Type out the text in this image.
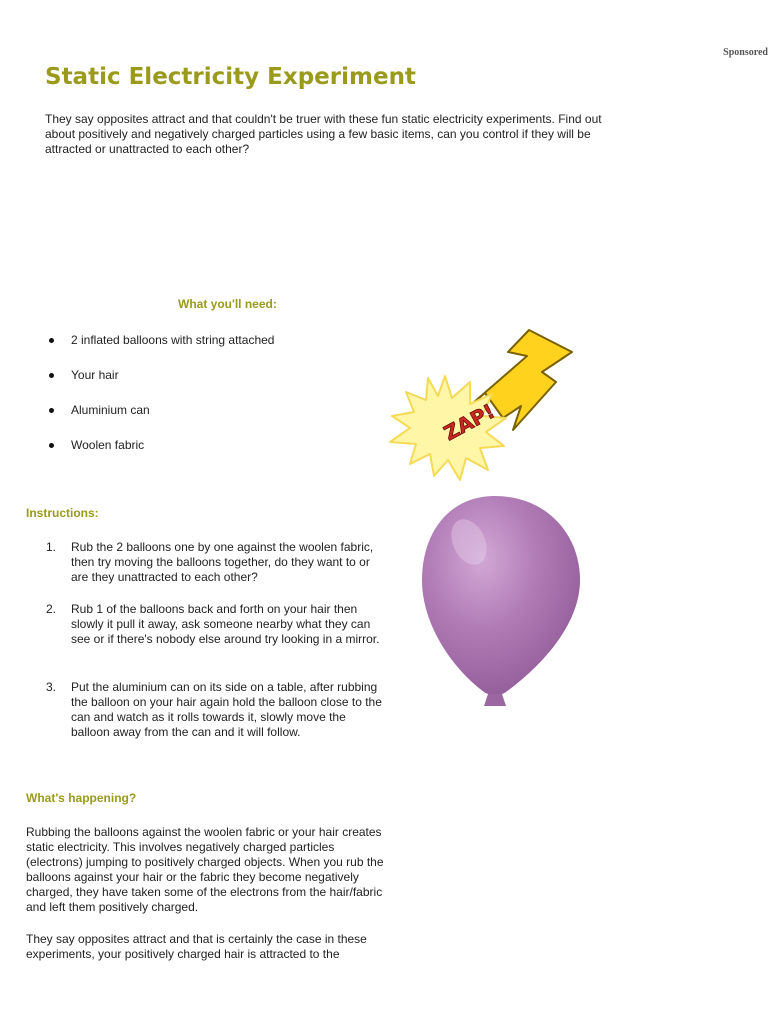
Sponsored
Static Electricity Experiment

They say opposites attract and that couldn't be truer with these fun static electricity experiments. Find out about positively and negatively charged particles using a few basic items, can you control if they will be attracted or unattracted to each other?

What you'll need:
2 inflated balloons with string attached
Your hair
Aluminium can
Woolen fabric
Instructions:
1. Rub the 2 balloons one by one against the woolen fabric, then try moving the balloons together, do they want to or are they unattracted to each other?
2. Rub 1 of the balloons back and forth on your hair then slowly it pull it away, ask someone nearby what they can see or if there's nobody else around try looking in a mirror.
3. Put the aluminium can on its side on a table, after rubbing the balloon on your hair again hold the balloon close to the can and watch as it rolls towards it, slowly move the balloon away from the can and it will follow.
What's happening?

Rubbing the balloons against the woolen fabric or your hair creates static electricity. This involves negatively charged particles (electrons) jumping to positively charged objects. When you rub the balloons against your hair or the fabric they become negatively charged, they have taken some of the electrons from the hair/fabric and left them positively charged.

They say opposites attract and that is certainly the case in these experiments, your positively charged hair is attracted to the

ZAP!
